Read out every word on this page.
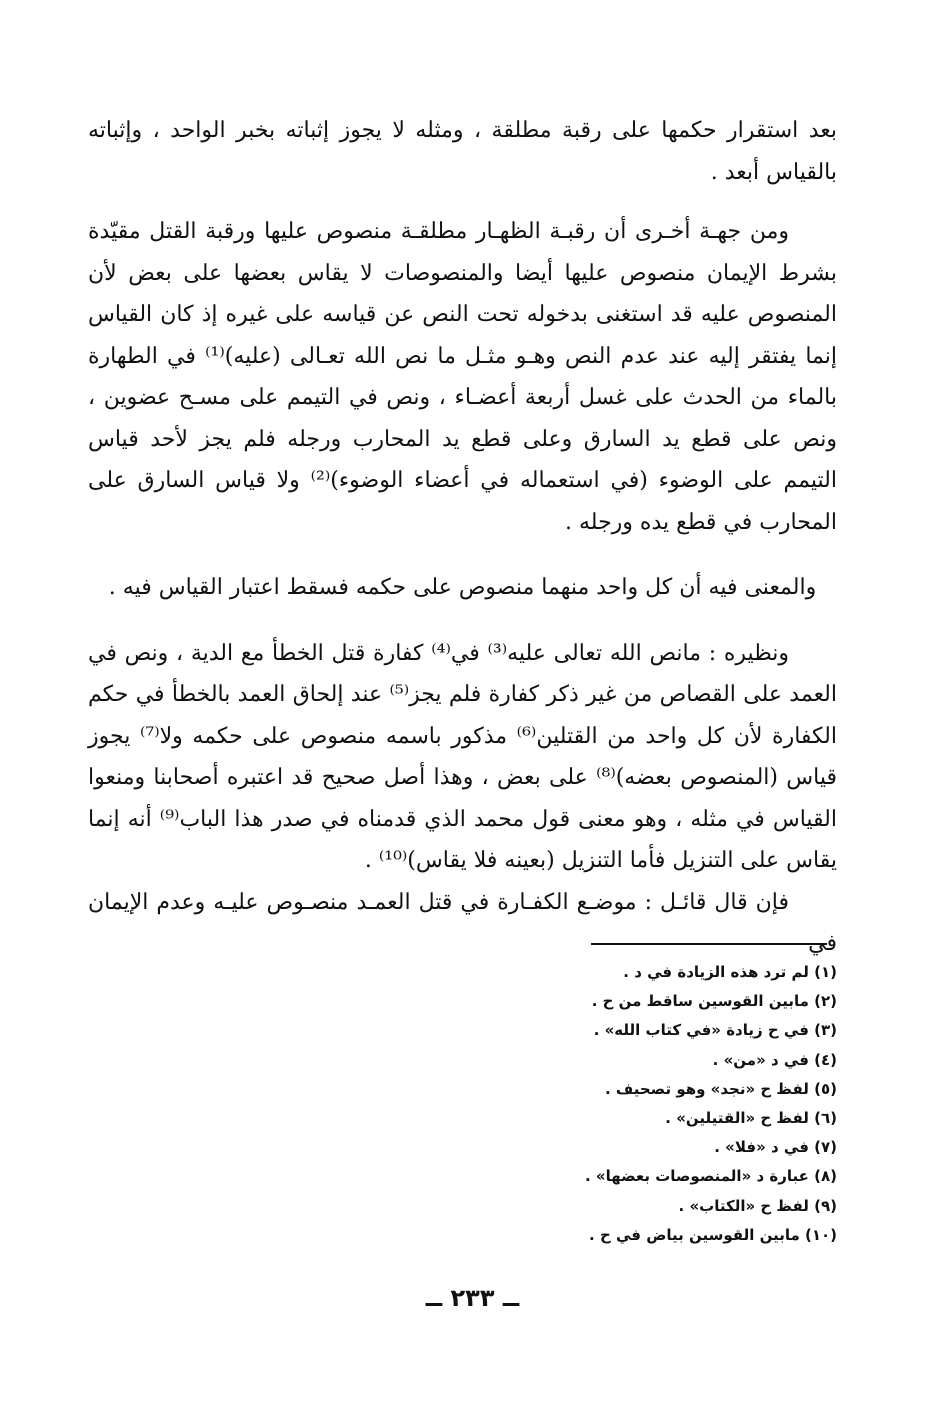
بعد استقرار حكمها على رقبة مطلقة ، ومثله لا يجوز إثباته بخبر الواحد ، وإثباته بالقياس أبعد .

ومن جهـة أخـرى أن رقبـة الظهـار مطلقـة منصوص عليها ورقبة القتل مقيّدة بشرط الإيمان منصوص عليها أيضا والمنصوصات لا يقاس بعضها على بعض لأن المنصوص عليه قد استغنى بدخوله تحت النص عن قياسه على غيره إذ كان القياس إنما يفتقر إليه عند عدم النص وهـو مثـل ما نص الله تعـالى (عليه)⁽¹⁾ في الطهارة بالماء من الحدث على غسل أربعة أعضـاء ، ونص في التيمم على مسـح عضوين ، ونص على قطع يد السارق وعلى قطع يد المحارب ورجله فلم يجز لأحد قياس التيمم على الوضوء (في استعماله في أعضاء الوضوء)⁽²⁾ ولا قياس السارق على المحارب في قطع يده ورجله .

والمعنى فيه أن كل واحد منهما منصوص على حكمه فسقط اعتبار القياس فيه .

ونظيره : مانص الله تعالى عليه⁽³⁾ في⁽⁴⁾ كفارة قتل الخطأ مع الدية ، ونص في العمد على القصاص من غير ذكر كفارة فلم يجز⁽⁵⁾ عند إلحاق العمد بالخطأ في حكم الكفارة لأن كل واحد من القتلين⁽⁶⁾ مذكور باسمه منصوص على حكمه ولا⁽⁷⁾ يجوز قياس (المنصوص بعضه)⁽⁸⁾ على بعض ، وهذا أصل صحيح قد اعتبره أصحابنا ومنعوا القياس في مثله ، وهو معنى قول محمد الذي قدمناه في صدر هذا الباب⁽⁹⁾ أنه إنما يقاس على التنزيل فأما التنزيل (بعينه فلا يقاس)⁽¹⁰⁾ .

فإن قال قائـل : موضـع الكفـارة في قتل العمـد منصـوص عليـه وعدم الإيمان في

(١) لم ترد هذه الزيادة في د .
(٢) مابين القوسين ساقط من ح .
(٣) في ح زيادة «في كتاب الله» .
(٤) في د «من» .
(٥) لفظ ح «نجد» وهو تصحيف .
(٦) لفظ ح «القتيلين» .
(٧) في د «فلا» .
(٨) عبارة د «المنصوصات بعضها» .
(٩) لفظ ح «الكتاب» .
(١٠) مابين القوسين بياض في ح .
ــ ٢٣٣ ــ
